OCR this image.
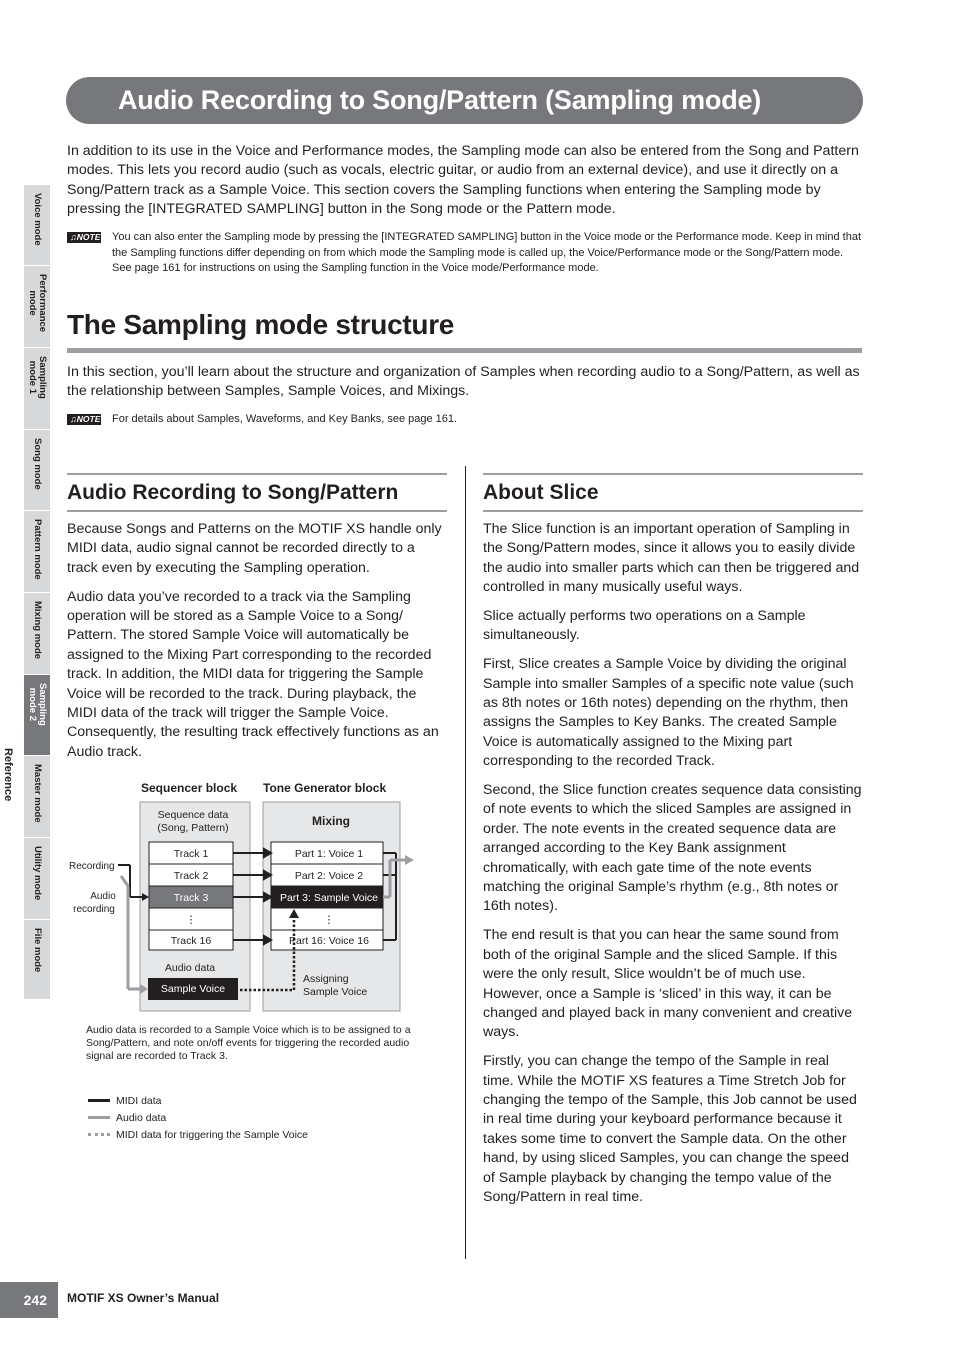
Audio Recording to Song/Pattern (Sampling mode)

In addition to its use in the Voice and Performance modes, the Sampling mode can also be entered from the Song and Pattern modes. This lets you record audio (such as vocals, electric guitar, or audio from an external device), and use it directly on a Song/Pattern track as a Sample Voice. This section covers the Sampling functions when entering the Sampling mode by pressing the [INTEGRATED SAMPLING] button in the Song mode or the Pattern mode.

♫ NOTE You can also enter the Sampling mode by pressing the [INTEGRATED SAMPLING] button in the Voice mode or the Performance mode. Keep in mind that the Sampling functions differ depending on from which mode the Sampling mode is called up, the Voice/Performance mode or the Song/Pattern mode. See page 161 for instructions on using the Sampling function in the Voice mode/Performance mode.
The Sampling mode structure

In this section, you’ll learn about the structure and organization of Samples when recording audio to a Song/Pattern, as well as the relationship between Samples, Sample Voices, and Mixings.

♫ NOTE For details about Samples, Waveforms, and Key Banks, see page 161.
Audio Recording to Song/Pattern

Because Songs and Patterns on the MOTIF XS handle only MIDI data, audio signal cannot be recorded directly to a track even by executing the Sampling operation.

Audio data you’ve recorded to a track via the Sampling operation will be stored as a Sample Voice to a Song/ Pattern. The stored Sample Voice will automatically be assigned to the Mixing Part corresponding to the recorded track. In addition, the MIDI data for triggering the Sample Voice will be recorded to the track. During playback, the MIDI data of the track will trigger the Sample Voice. Consequently, the resulting track effectively functions as an Audio track.

Sequencer block Tone Generator block
Sequence data
(Song, Pattern)	Mixing
Track 1
Track 2
Track 3
⋮
Track 16
Part 1: Voice 1
Part 2: Voice 2
Part 3: Sample Voice
⋮
Part 16: Voice 16
Recording
Audio
recording
Audio data
Sample Voice
Assigning
Sample Voice

Audio data is recorded to a Sample Voice which is to be assigned to a Song/Pattern, and note on/off events for triggering the recorded audio signal are recorded to Track 3.

MIDI data
Audio data
MIDI data for triggering the Sample Voice
About Slice

The Slice function is an important operation of Sampling in the Song/Pattern modes, since it allows you to easily divide the audio into smaller parts which can then be triggered and controlled in many musically useful ways.

Slice actually performs two operations on a Sample simultaneously.

First, Slice creates a Sample Voice by dividing the original Sample into smaller Samples of a specific note value (such as 8th notes or 16th notes) depending on the rhythm, then assigns the Samples to Key Banks. The created Sample Voice is automatically assigned to the Mixing part corresponding to the recorded Track.

Second, the Slice function creates sequence data consisting of note events to which the sliced Samples are assigned in order. The note events in the created sequence data are arranged according to the Key Bank assignment chromatically, with each gate time of the note events matching the original Sample’s rhythm (e.g., 8th notes or 16th notes).

The end result is that you can hear the same sound from both of the original Sample and the sliced Sample. If this were the only result, Slice wouldn’t be of much use. However, once a Sample is ‘sliced’ in this way, it can be changed and played back in many convenient and creative ways.

Firstly, you can change the tempo of the Sample in real time. While the MOTIF XS features a Time Stretch Job for changing the tempo of the Sample, this Job cannot be used in real time during your keyboard performance because it takes some time to convert the Sample data. On the other hand, by using sliced Samples, you can change the speed of Sample playback by changing the tempo value of the Song/Pattern in real time.

Reference
Voice mode
Performance
mode
Sampling
mode 1
Song mode
Pattern mode
Mixing mode
Sampling
mode 2
Master mode
Utility mode
File mode
242	MOTIF XS Owner’s Manual
